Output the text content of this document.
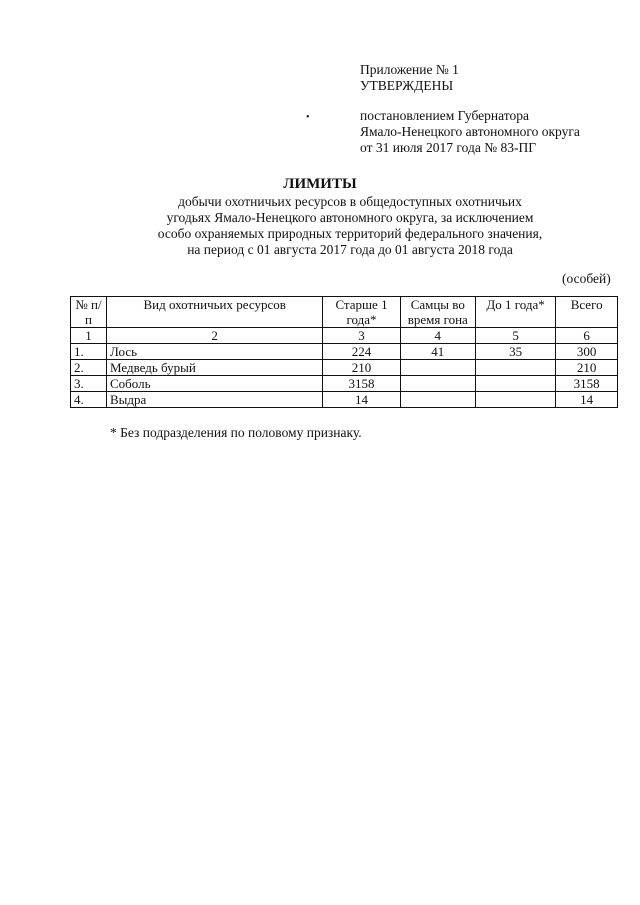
Приложение № 1
УТВЕРЖДЕНЫ
•	постановлением Губернатора
Ямало-Ненецкого автономного округа
от 31 июля 2017 года № 83-ПГ
ЛИМИТЫ
добычи охотничьих ресурсов в общедоступных охотничьих
угодьях Ямало-Ненецкого автономного округа, за исключением
особо охраняемых природных территорий федерального значения,
на период с 01 августа 2017 года до 01 августа 2018 года
(особей)
№ п/п	Вид охотничьих ресурсов	Старше 1 года*	Самцы во время гона	До 1 года*	Всего
1	2	3	4	5	6
1.	Лось	224	41	35	300
2.	Медведь бурый	210			210
3.	Соболь	3158			3158
4.	Выдра	14			14
* Без подразделения по половому признаку.
